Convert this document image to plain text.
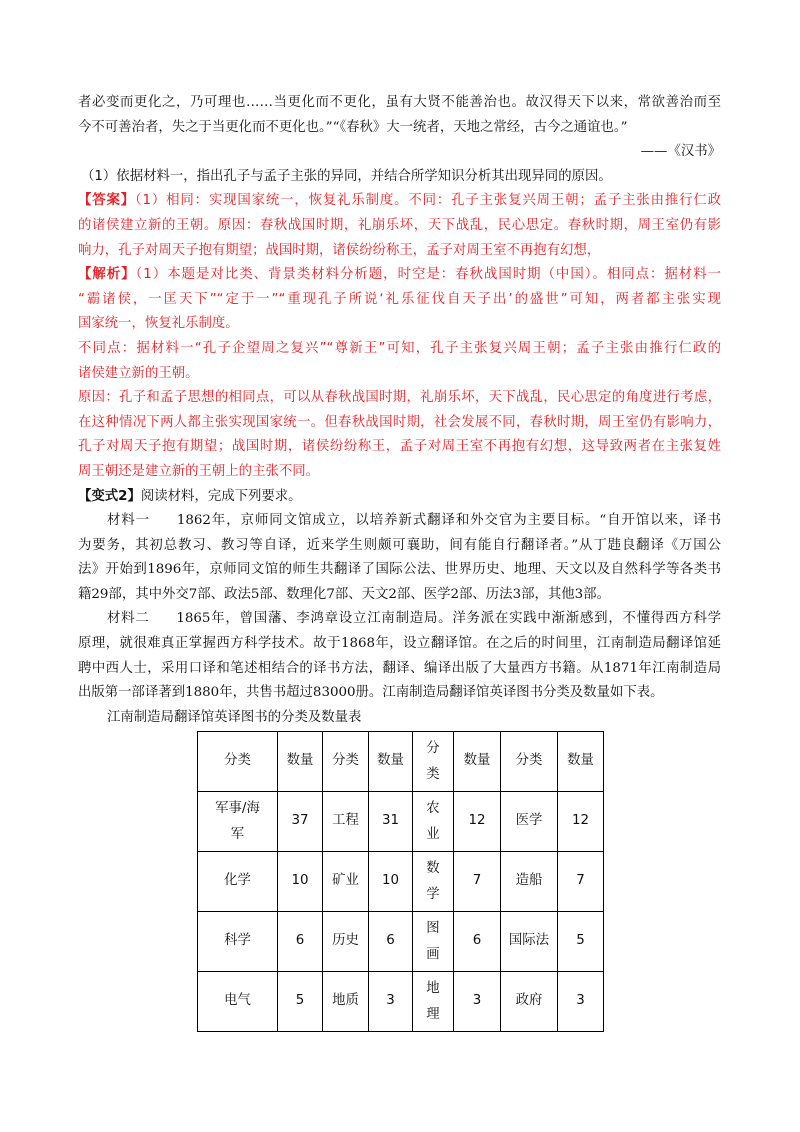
者必变而更化之，乃可理也……当更化而不更化，虽有大贤不能善治也。故汉得天下以来，常欲善治而至
今不可善治者，失之于当更化而不更化也。”“《春秋》大一统者，天地之常经，古今之通谊也。”
——《汉书》
（1）依据材料一，指出孔子与孟子主张的异同，并结合所学知识分析其出现异同的原因。
【答案】（1）相同：实现国家统一，恢复礼乐制度。不同：孔子主张复兴周王朝；孟子主张由推行仁政
的诸侯建立新的王朝。原因：春秋战国时期，礼崩乐坏，天下战乱，民心思定。春秋时期，周王室仍有影
响力，孔子对周天子抱有期望；战国时期，诸侯纷纷称王，孟子对周王室不再抱有幻想，
【解析】（1）本题是对比类、背景类材料分析题，时空是：春秋战国时期（中国）。相同点：据材料一
“霸诸侯，一匡天下”“定于一”“重现孔子所说‘礼乐征伐自天子出’的盛世”可知，两者都主张实现
国家统一，恢复礼乐制度。
不同点：据材料一“孔子企望周之复兴”“尊新王”可知，孔子主张复兴周王朝；孟子主张由推行仁政的
诸侯建立新的王朝。
原因：孔子和孟子思想的相同点，可以从春秋战国时期，礼崩乐坏，天下战乱，民心思定的角度进行考虑，
在这种情况下两人都主张实现国家统一。但春秋战国时期，社会发展不同，春秋时期，周王室仍有影响力，
孔子对周天子抱有期望；战国时期，诸侯纷纷称王，孟子对周王室不再抱有幻想，这导致两者在主张复姓
周王朝还是建立新的王朝上的主张不同。
【变式2】阅读材料，完成下列要求。
材料一 1862年，京师同文馆成立，以培养新式翻译和外交官为主要目标。“自开馆以来，译书
为要务，其初总教习、教习等自译，近来学生则颇可襄助，间有能自行翻译者。”从丁韪良翻译《万国公
法》开始到1896年，京师同文馆的师生共翻译了国际公法、世界历史、地理、天文以及自然科学等各类书
籍29部，其中外交7部、政法5部、数理化7部、天文2部、医学2部、历法3部，其他3部。
材料二 1865年，曾国藩、李鸿章设立江南制造局。洋务派在实践中渐渐感到，不懂得西方科学
原理，就很难真正掌握西方科学技术。故于1868年，设立翻译馆。在之后的时间里，江南制造局翻译馆延
聘中西人士，采用口译和笔述相结合的译书方法，翻译、编译出版了大量西方书籍。从1871年江南制造局
出版第一部译著到1880年，共售书超过83000册。江南制造局翻译馆英译图书分类及数量如下表。
江南制造局翻译馆英译图书的分类及数量表
分类	数量	分类	数量	分类	数量	分类	数量
军事/海军	37	工程	31	农业	12	医学	12
化学	10	矿业	10	数学	7	造船	7
科学	6	历史	6	图画	6	国际法	5
电气	5	地质	3	地理	3	政府	3
